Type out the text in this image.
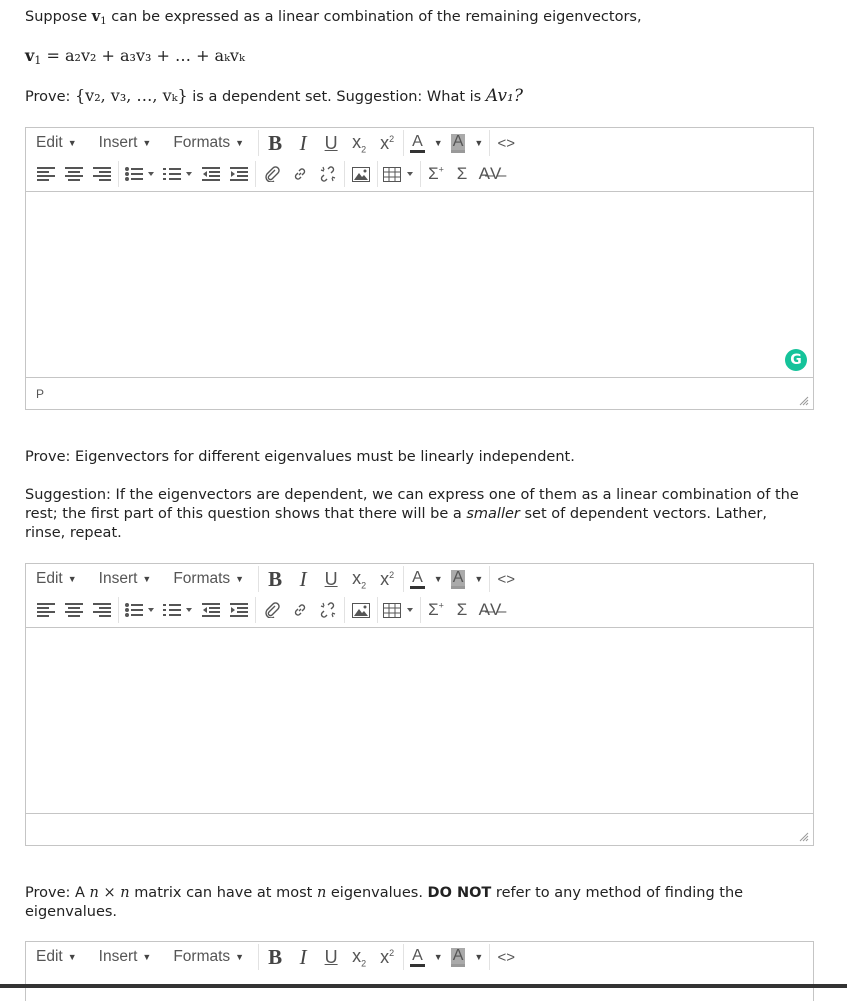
Suppose $v_1$ can be expressed as a linear combination of the remaining eigenvectors,

$v_1 = a_2v_2 + a_3v_3$ + … + aₖvₖ

Prove: {v₂, v₃, …, vₖ} is a dependent set. Suggestion: What is Av₁?

Edit ▼ Insert ▼ Formats ▼	B I	U $x_2$ $x^2$ A ▼ A ▼ <>
Σ+ Σ A̶V̶
G
P

Prove: Eigenvectors for different eigenvalues must be linearly independent.

Suggestion: If the eigenvectors are dependent, we can express one of them as a linear combination of the rest; the first part of this question shows that there will be a smaller set of dependent vectors. Lather, rinse, repeat.

Edit ▼ Insert ▼ Formats ▼	B I	U $x_2$ $x^2$ A ▼ A ▼ <>
Σ+ Σ A̶V̶

Prove: A n × n matrix can have at most n eigenvalues. DO NOT refer to any method of finding the eigenvalues.

Edit ▼ Insert ▼ Formats ▼	B I	U $x_2$ $x^2$ A ▼ A ▼ <>
